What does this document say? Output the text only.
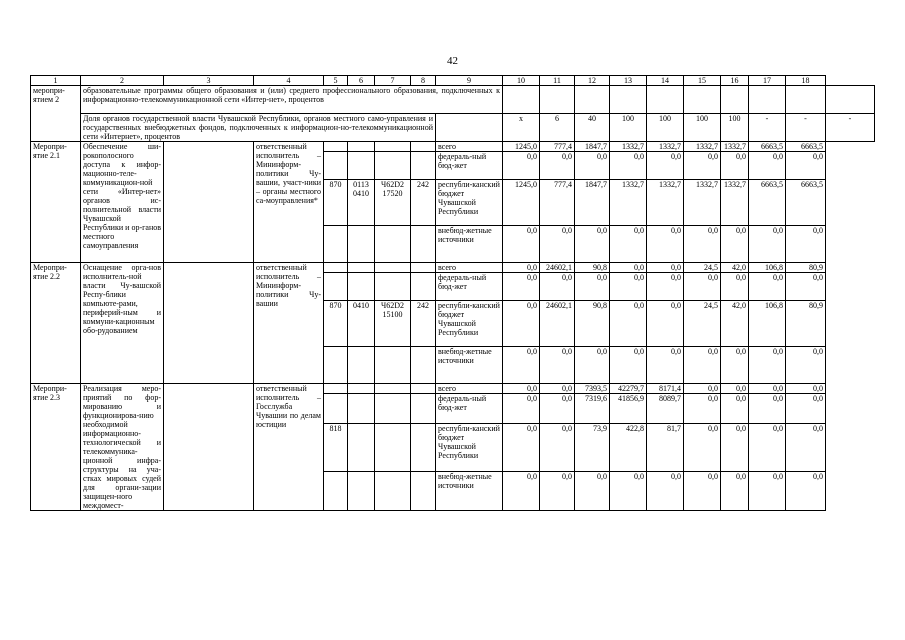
42
1	2	3	4	5	6	7	8	9	10	11	12	13	14	15	16	17	18	
меропри-ятием 2	образовательные программы общего образования и (или) среднего профессионального образования, подключенных к информационно-телекоммуникационной сети «Интер-нет», процентов																	
	Доля органов государственной власти Чувашской Республики, органов местного само-управления и государственных внебюджетных фондов, подключенных к информацион-но-телекоммуникационной сети «Интернет», процентов								х	6	40	100	100	100	100	-	-	-
Меропри-ятие 2.1	Обеспечение ши-рокополосного доступа к инфор-мационно-теле-коммуникацион-ной сети «Интер-нет» органов ис-полнительной власти Чувашской Республики и ор-ганов местного самоуправления		ответственный исполнитель – Мининформ-политики Чу-вашии, участ-ники – органы местного са-моуправления*					всего	1245,0	777,4	1847,7	1332,7	1332,7	1332,7	1332,7	6663,5	6663,5	
								федераль-ный бюд-жет	0,0	0,0	0,0	0,0	0,0	0,0	0,0	0,0	0,0	
				870	0113 0410	Ч62D2 17520	242	республи-канский бюджет Чувашской Республики	1245,0	777,4	1847,7	1332,7	1332,7	1332,7	1332,7	6663,5	6663,5	
								внебюд-жетные источники	0,0	0,0	0,0	0,0	0,0	0,0	0,0	0,0	0,0	
Меропри-ятие 2.2	Оснащение орга-нов исполнитель-ной власти Чу-вашской Респу-блики компьюте-рами, периферий-ным и коммуни-кационным обо-рудованием		ответственный исполнитель – Мининформ-политики Чу-вашии					всего	0,0	24602,1	90,8	0,0	0,0	24,5	42,0	106,8	80,9	
								федераль-ный бюд-жет	0,0	0,0	0,0	0,0	0,0	0,0	0,0	0,0	0,0	
				870	0410	Ч62D2 15100	242	республи-канский бюджет Чувашской Республики	0,0	24602,1	90,8	0,0	0,0	24,5	42,0	106,8	80,9	
								внебюд-жетные источники	0,0	0,0	0,0	0,0	0,0	0,0	0,0	0,0	0,0	
Меропри-ятие 2.3	Реализация меро-приятий по фор-мированию и функционирова-нию необходимой информационно-технологической и телекоммуника-ционной инфра-структуры на уча-стках мировых судей для органи-зации защищен-ного междомест-		ответственный исполнитель – Госслужба Чувашии по делам юстиции					всего	0,0	0,0	7393,5	42279,7	8171,4	0,0	0,0	0,0	0,0	
								федераль-ный бюд-жет	0,0	0,0	7319,6	41856,9	8089,7	0,0	0,0	0,0	0,0	
				818				республи-канский бюджет Чувашской Республики	0,0	0,0	73,9	422,8	81,7	0,0	0,0	0,0	0,0	
								внебюд-жетные источники	0,0	0,0	0,0	0,0	0,0	0,0	0,0	0,0	0,0	
